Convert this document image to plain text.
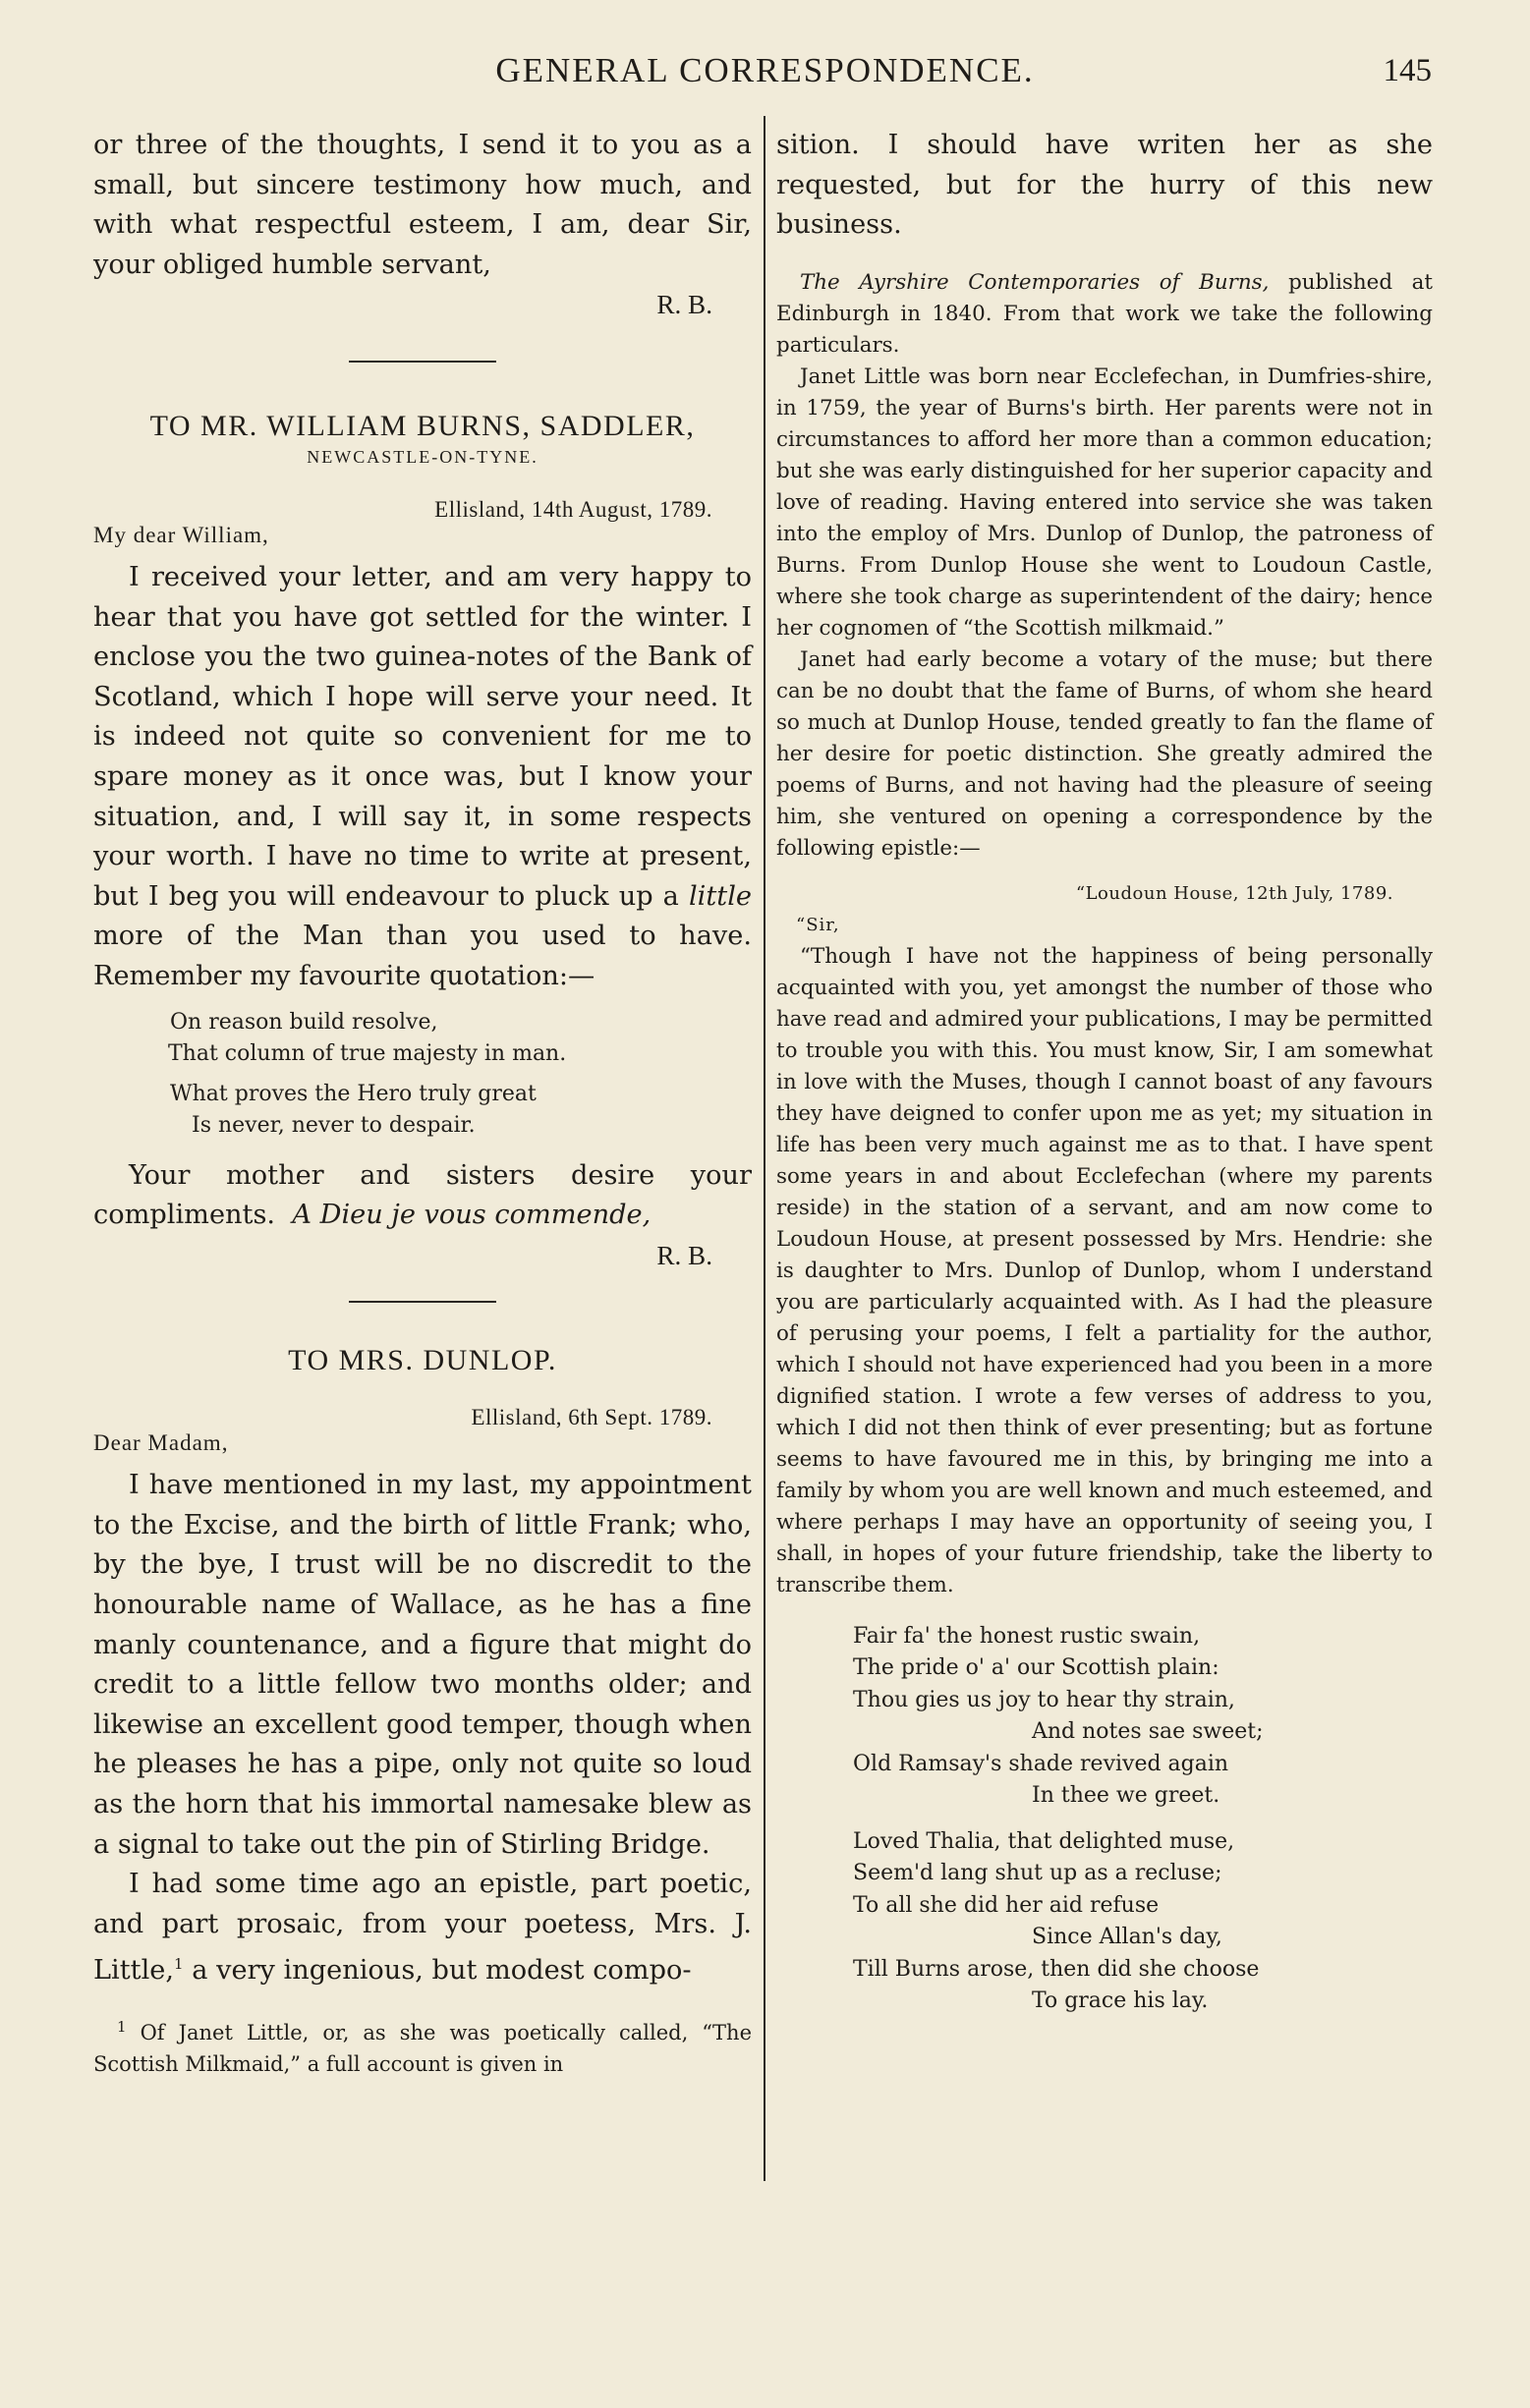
GENERAL CORRESPONDENCE.	145

or three of the thoughts, I send it to you as a small, but sincere testimony how much, and with what respectful esteem, I am, dear Sir, your obliged humble servant,

R. B.

TO MR. WILLIAM BURNS, SADDLER,

NEWCASTLE-ON-TYNE.

Ellisland, 14th August, 1789.

My dear William,

I received your letter, and am very happy to hear that you have got settled for the winter. I enclose you the two guinea-notes of the Bank of Scotland, which I hope will serve your need. It is indeed not quite so convenient for me to spare money as it once was, but I know your situation, and, I will say it, in some respects your worth. I have no time to write at present, but I beg you will endeavour to pluck up a little more of the Man than you used to have. Remember my favourite quotation:—

On reason build resolve,
That column of true majesty in man.
What proves the Hero truly great
Is never, never to despair.

Your mother and sisters desire your compliments. A Dieu je vous commende,

R. B.

TO MRS. DUNLOP.

Ellisland, 6th Sept. 1789.

Dear Madam,

I have mentioned in my last, my appointment to the Excise, and the birth of little Frank; who, by the bye, I trust will be no discredit to the honourable name of Wallace, as he has a fine manly countenance, and a figure that might do credit to a little fellow two months older; and likewise an excellent good temper, though when he pleases he has a pipe, only not quite so loud as the horn that his immortal namesake blew as a signal to take out the pin of Stirling Bridge.

I had some time ago an epistle, part poetic, and part prosaic, from your poetess, Mrs. J. Little,$^1$ a very ingenious, but modest compo-

$^1$ Of Janet Little, or, as she was poetically called, “The Scottish Milkmaid,” a full account is given in

sition. I should have writen her as she requested, but for the hurry of this new business.

The Ayrshire Contemporaries of Burns, published at Edinburgh in 1840. From that work we take the following particulars.

Janet Little was born near Ecclefechan, in Dumfries-shire, in 1759, the year of Burns's birth. Her parents were not in circumstances to afford her more than a common education; but she was early distinguished for her superior capacity and love of reading. Having entered into service she was taken into the employ of Mrs. Dunlop of Dunlop, the patroness of Burns. From Dunlop House she went to Loudoun Castle, where she took charge as superintendent of the dairy; hence her cognomen of “the Scottish milkmaid.”

Janet had early become a votary of the muse; but there can be no doubt that the fame of Burns, of whom she heard so much at Dunlop House, tended greatly to fan the flame of her desire for poetic distinction. She greatly admired the poems of Burns, and not having had the pleasure of seeing him, she ventured on opening a correspondence by the following epistle:—

“Loudoun House, 12th July, 1789.

“Sir,

“Though I have not the happiness of being personally acquainted with you, yet amongst the number of those who have read and admired your publications, I may be permitted to trouble you with this. You must know, Sir, I am somewhat in love with the Muses, though I cannot boast of any favours they have deigned to confer upon me as yet; my situation in life has been very much against me as to that. I have spent some years in and about Ecclefechan (where my parents reside) in the station of a servant, and am now come to Loudoun House, at present possessed by Mrs. Hendrie: she is daughter to Mrs. Dunlop of Dunlop, whom I understand you are particularly acquainted with. As I had the pleasure of perusing your poems, I felt a partiality for the author, which I should not have experienced had you been in a more dignified station. I wrote a few verses of address to you, which I did not then think of ever presenting; but as fortune seems to have favoured me in this, by bringing me into a family by whom you are well known and much esteemed, and where perhaps I may have an opportunity of seeing you, I shall, in hopes of your future friendship, take the liberty to transcribe them.

Fair fa' the honest rustic swain,
The pride o' a' our Scottish plain:
Thou gies us joy to hear thy strain,
And notes sae sweet;
Old Ramsay's shade revived again
In thee we greet.
Loved Thalia, that delighted muse,
Seem'd lang shut up as a recluse;
To all she did her aid refuse
Since Allan's day,
Till Burns arose, then did she choose
To grace his lay.
